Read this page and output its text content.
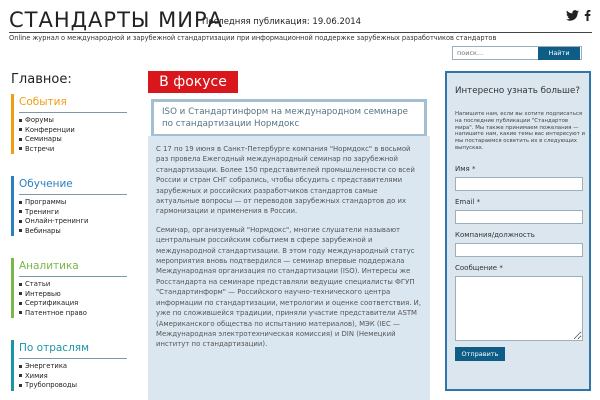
СТАНДАРТЫ МИРА
Последняя публикация: 19.06.2014
Online журнал о международной и зарубежной стандартизации при информационной поддержке зарубежных разработчиков стандартов
поиск...
Найти
Главное:
События
Форумы
Конференции
Семинары
Встречи
Обучение
Программы
Тренинги
Онлайн-тренинги
Вебинары
Аналитика
Статьи
Интервью
Сертификация
Патентное право
По отраслям
Энергетика
Химия
Трубопроводы
В фокусе
ISO и Стандартинформ на международном семинаре по стандартизации Нормдокс

С 17 по 19 июня в Санкт-Петербурге компания "Нормдокс" в восьмой раз провела Ежегодный международный семинар по зарубежной стандартизации. Более 150 представителей промышленности со всей России и стран СНГ собрались, чтобы обсудить с представителями зарубежных и российских разработчиков стандартов самые актуальные вопросы — от переводов зарубежных стандартов до их гармонизации и применения в России.

Семинар, организуемый "Нормдокс", многие слушатели называют центральным российским событием в сфере зарубежной и международной стандартизации. В этом году международный статус мероприятия вновь подтвердился — семинар впервые поддержала Международная организация по стандартизации (ISO). Интересы же Росстандарта на семинаре представляли ведущие специалисты ФГУП "Стандартинформ" — Российского научно-технического центра информации по стандартизации, метрологии и оценке соответствия. И, уже по сложившейся традиции, приняли участие представители ASTM (Американского общества по испытанию материалов), МЭК (IEC — Международная электротехническая комиссия) и DIN (Немецкий институт по стандартизации).

Интересно узнать больше?
Напишите нам, если вы хотите подписаться на последние публикации "Стандартов мира". Мы также принимаем пожелания — напишите нам, какие темы вас интересуют и мы постараемся осветить их в следующих выпусках.
Имя *
Email *
Компания/должность
Сообщение *
Отправить
